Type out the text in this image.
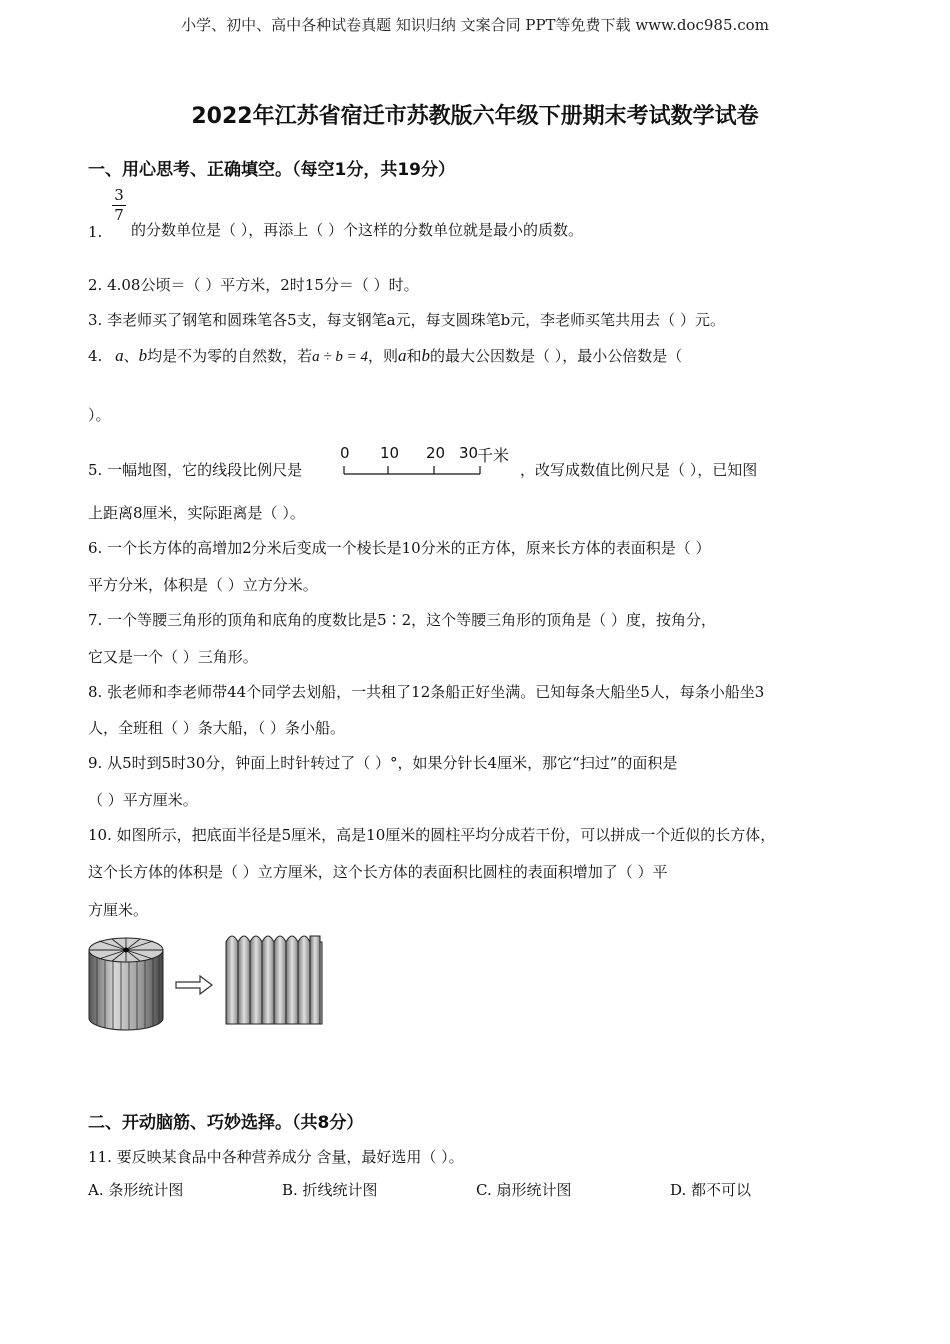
小学、初中、高中各种试卷真题 知识归纳 文案合同 PPT等免费下载 www.doc985.com
2022年江苏省宿迁市苏教版六年级下册期末考试数学试卷
一、用心思考、正确填空。（每空1分，共19分）
1.
$\frac{3}{7}$
的分数单位是（ ），再添上（ ）个这样的分数单位就是最小的质数。
2. 4.08公顷＝（ ）平方米，2时15分＝（ ）时。
3. 李老师买了钢笔和圆珠笔各5支，每支钢笔a元，每支圆珠笔b元，李老师买笔共用去（ ）元。
4. a、b均是不为零的自然数，若a ÷ b = 4，则a和b的最大公因数是（ ），最小公倍数是（
）。
5. 一幅地图，它的线段比例尺是
0 10 20 30
千米
，改写成数值比例尺是（ ），已知图
上距离8厘米，实际距离是（ ）。
6. 一个长方体的高增加2分米后变成一个棱长是10分米的正方体，原来长方体的表面积是（ ）
平方分米，体积是（ ）立方分米。
7. 一个等腰三角形的顶角和底角的度数比是5∶2，这个等腰三角形的顶角是（ ）度，按角分，
它又是一个（ ）三角形。
8. 张老师和李老师带44个同学去划船，一共租了12条船正好坐满。已知每条大船坐5人，每条小船坐3
人，全班租（ ）条大船，（ ）条小船。
9. 从5时到5时30分，钟面上时针转过了（ ）°，如果分针长4厘米，那它“扫过”的面积是
（ ）平方厘米。
10. 如图所示，把底面半径是5厘米，高是10厘米的圆柱平均分成若干份，可以拼成一个近似的长方体，
这个长方体的体积是（ ）立方厘米，这个长方体的表面积比圆柱的表面积增加了（ ）平
方厘米。
二、开动脑筋、巧妙选择。（共8分）
11. 要反映某食品中各种营养成分 含量，最好选用（ ）。
A. 条形统计图	B. 折线统计图	C. 扇形统计图	D. 都不可以
